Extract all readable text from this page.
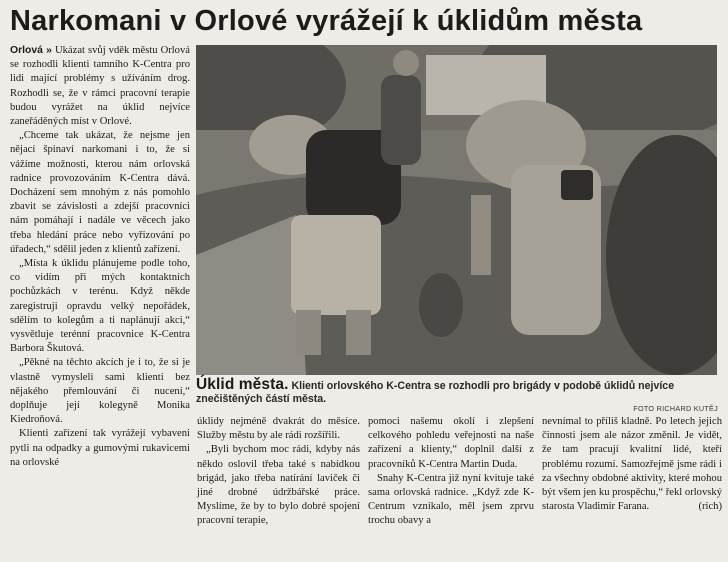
Narkomani v Orlové vyrážejí k úklidům města

Orlová » Ukázat svůj vděk městu Orlová se rozhodli klienti tamního K-Centra pro lidi mající problémy s užíváním drog. Rozhodli se, že v rámci pracovní terapie budou vyrážet na úklid nejvíce zaneřáděných míst v Orlové.

„Chceme tak ukázat, že nejsme jen nějací špinaví narkomani i to, že si vážíme možnosti, kterou nám orlovská radnice provozováním K-Centra dává. Docházení sem mnohým z nás pomohlo zbavit se závislosti a zdejší pracovníci nám pomáhají i nadále ve věcech jako třeba hledání práce nebo vyřizování po úřadech,“ sdělil jeden z klientů zařízení.

„Místa k úklidu plánujeme podle toho, co vidím při mých kontaktních pochůzkách v terénu. Když někde zaregistruji opravdu velký nepořádek, sdělím to kolegům a ti naplánují akci,“ vysvětluje terénní pracovnice K-Centra Barbora Škutová.

„Pěkné na těchto akcích je i to, že si je vlastně vymysleli sami klienti bez nějakého přemlouvání či nucení,“ doplňuje její kolegyně Monika Kiedroňová.

Klienti zařízení tak vyrážejí vybaveni pytli na odpadky a gumovými rukavicemi na orlovské

Úklid města. Klienti orlovského K-Centra se rozhodli pro brigády v podobě úklidů nejvíce znečištěných částí města.
FOTO RICHARD KUTĚJ

úklidy nejméně dvakrát do měsíce. Služby městu by ale rádi rozšířili.

„Byli bychom moc rádi, kdyby nás někdo oslovil třeba také s nabídkou brigád, jako třeba natírání laviček či jiné drobné údržbářské práce. Myslíme, že by to bylo dobré spojení pracovní terapie,

pomoci našemu okolí i zlepšení celkového pohledu veřejnosti na naše zařízení a klienty,“ doplnil další z pracovníků K-Centra Martin Duda.

Snahy K-Centra již nyní kvituje také sama orlovská radnice. „Když zde K-Centrum vznikalo, měl jsem zprvu trochu obavy a

nevnímal to příliš kladně. Po letech jejich činnosti jsem ale názor změnil. Je vidět, že tam pracují kvalitní lidé, kteří problému rozumí. Samozřejmě jsme rádi i za všechny obdobné aktivity, které mohou být všem jen ku prospěchu,“ řekl orlovský starosta Vladimír Farana.	(rich)
